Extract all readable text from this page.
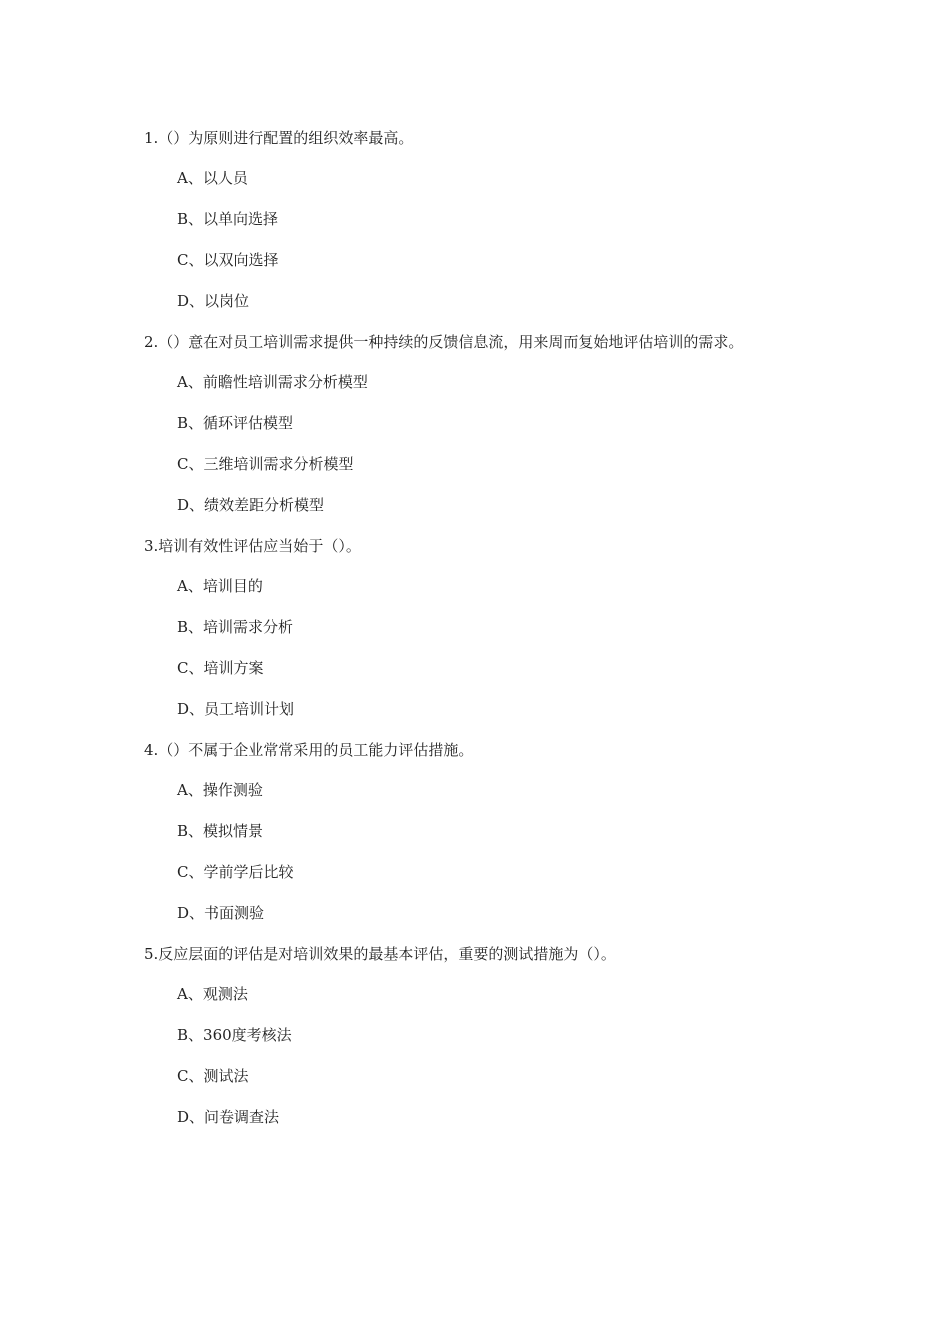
1.（）为原则进行配置的组织效率最高。

A、以人员

B、以单向选择

C、以双向选择

D、以岗位

2.（）意在对员工培训需求提供一种持续的反馈信息流，用来周而复始地评估培训的需求。

A、前瞻性培训需求分析模型

B、循环评估模型

C、三维培训需求分析模型

D、绩效差距分析模型

3.培训有效性评估应当始于（）。

A、培训目的

B、培训需求分析

C、培训方案

D、员工培训计划

4.（）不属于企业常常采用的员工能力评估措施。

A、操作测验

B、模拟情景

C、学前学后比较

D、书面测验

5.反应层面的评估是对培训效果的最基本评估，重要的测试措施为（）。

A、观测法

B、360度考核法

C、测试法

D、问卷调查法
